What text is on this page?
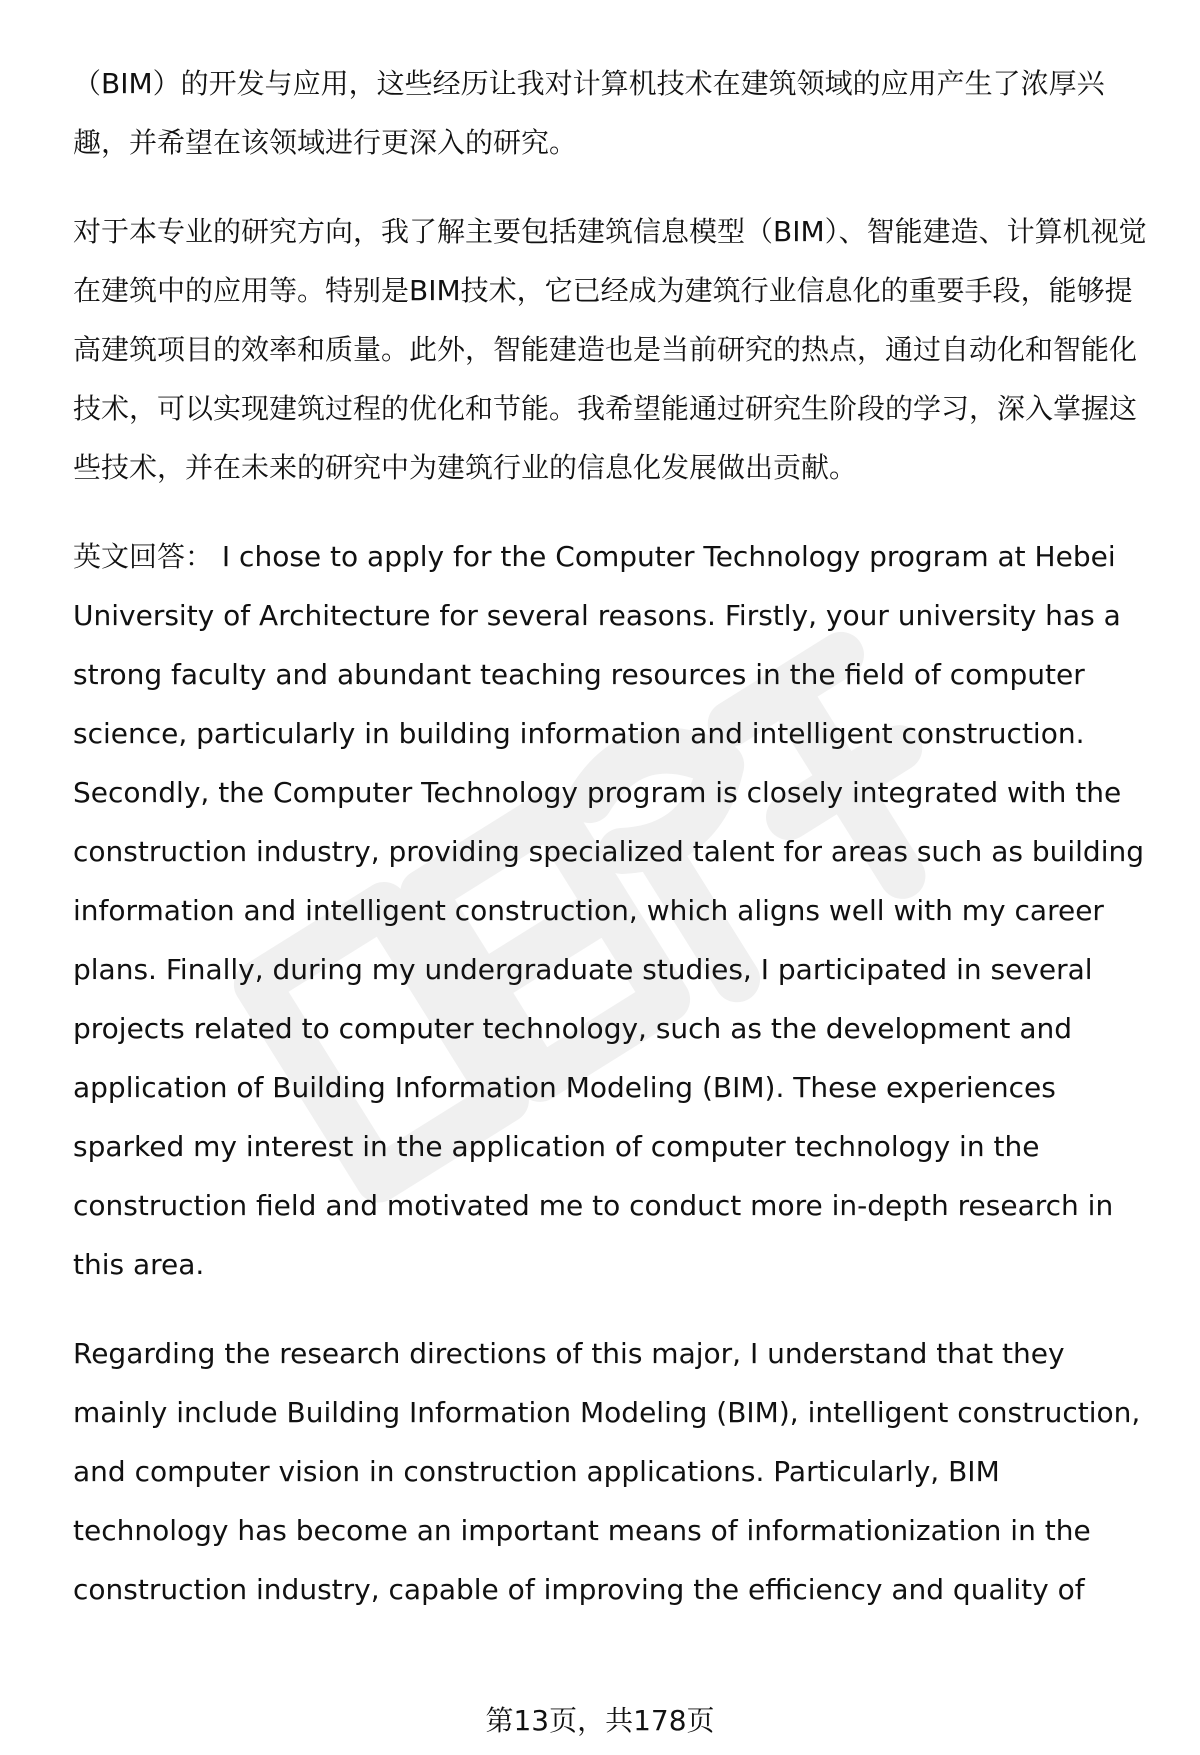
（BIM）的开发与应用，这些经历让我对计算机技术在建筑领域的应用产生了浓厚兴趣，并希望在该领域进行更深入的研究。

对于本专业的研究方向，我了解主要包括建筑信息模型（BIM）、智能建造、计算机视觉在建筑中的应用等。特别是BIM技术，它已经成为建筑行业信息化的重要手段，能够提高建筑项目的效率和质量。此外，智能建造也是当前研究的热点，通过自动化和智能化技术，可以实现建筑过程的优化和节能。我希望能通过研究生阶段的学习，深入掌握这些技术，并在未来的研究中为建筑行业的信息化发展做出贡献。

英文回答： I chose to apply for the Computer Technology program at Hebei University of Architecture for several reasons. Firstly, your university has a strong faculty and abundant teaching resources in the field of computer science, particularly in building information and intelligent construction. Secondly, the Computer Technology program is closely integrated with the construction industry, providing specialized talent for areas such as building information and intelligent construction, which aligns well with my career plans. Finally, during my undergraduate studies, I participated in several projects related to computer technology, such as the development and application of Building Information Modeling (BIM). These experiences sparked my interest in the application of computer technology in the construction field and motivated me to conduct more in-depth research in this area.

Regarding the research directions of this major, I understand that they mainly include Building Information Modeling (BIM), intelligent construction, and computer vision in construction applications. Particularly, BIM technology has become an important means of informationization in the construction industry, capable of improving the efficiency and quality of

第13页，共178页
